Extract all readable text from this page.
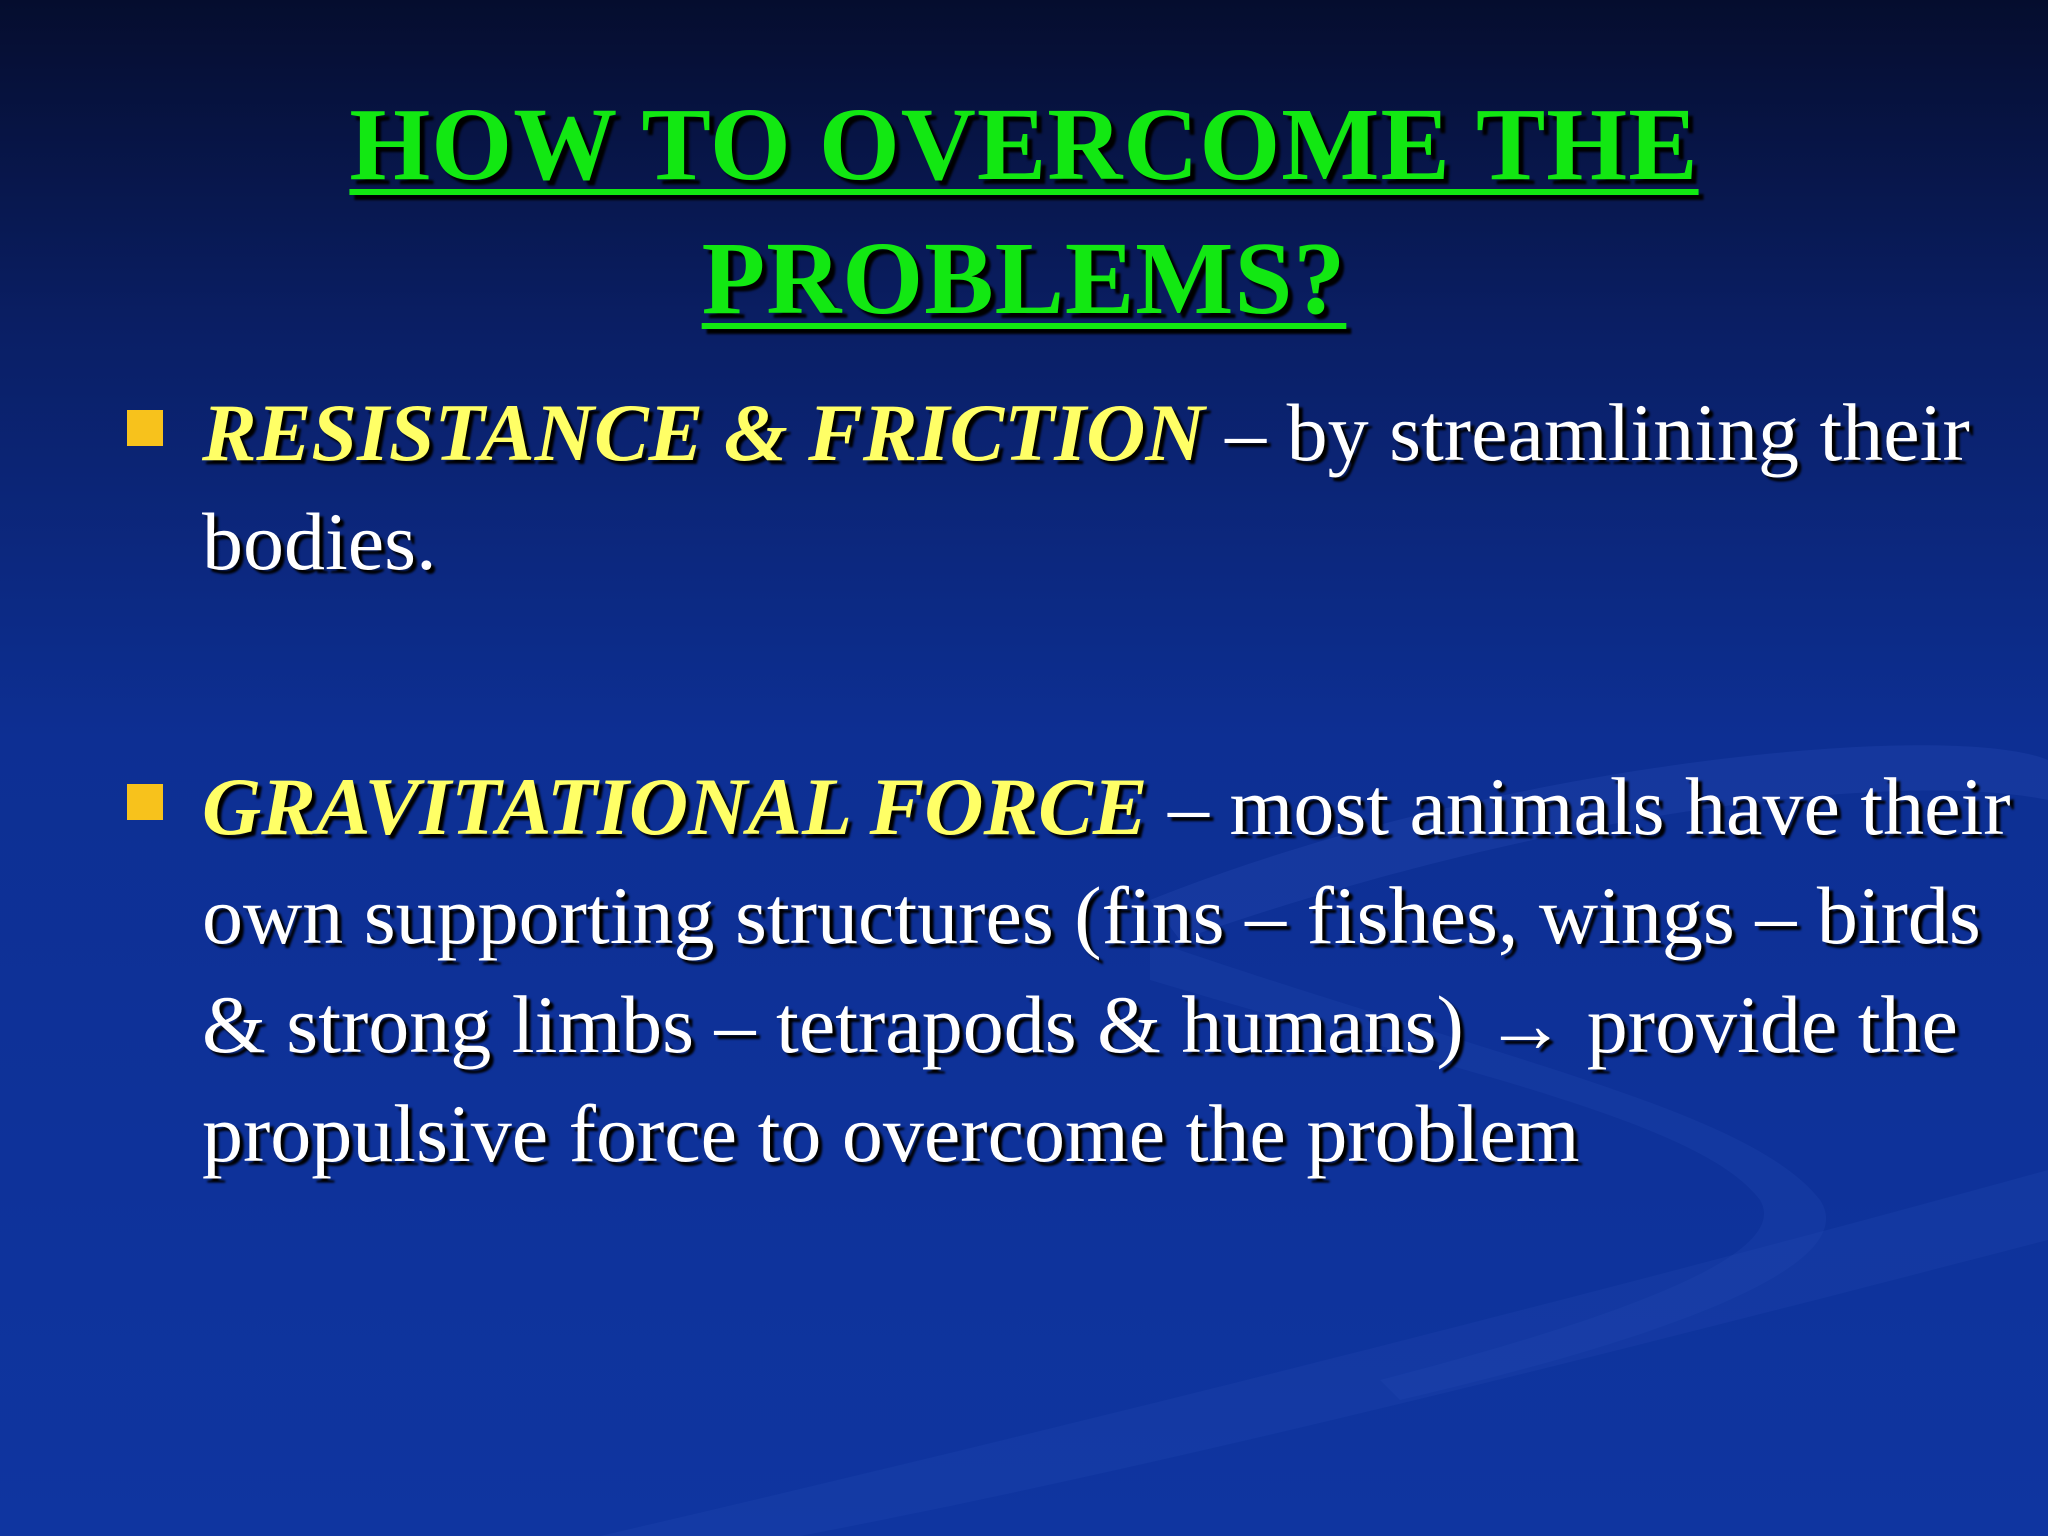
HOW TO OVERCOME THE
PROBLEMS?
RESISTANCE & FRICTION – by streamlining their bodies.
GRAVITATIONAL FORCE – most animals have their own supporting structures (fins – fishes, wings – birds & strong limbs – tetrapods & humans) → provide the propulsive force to overcome the problem
